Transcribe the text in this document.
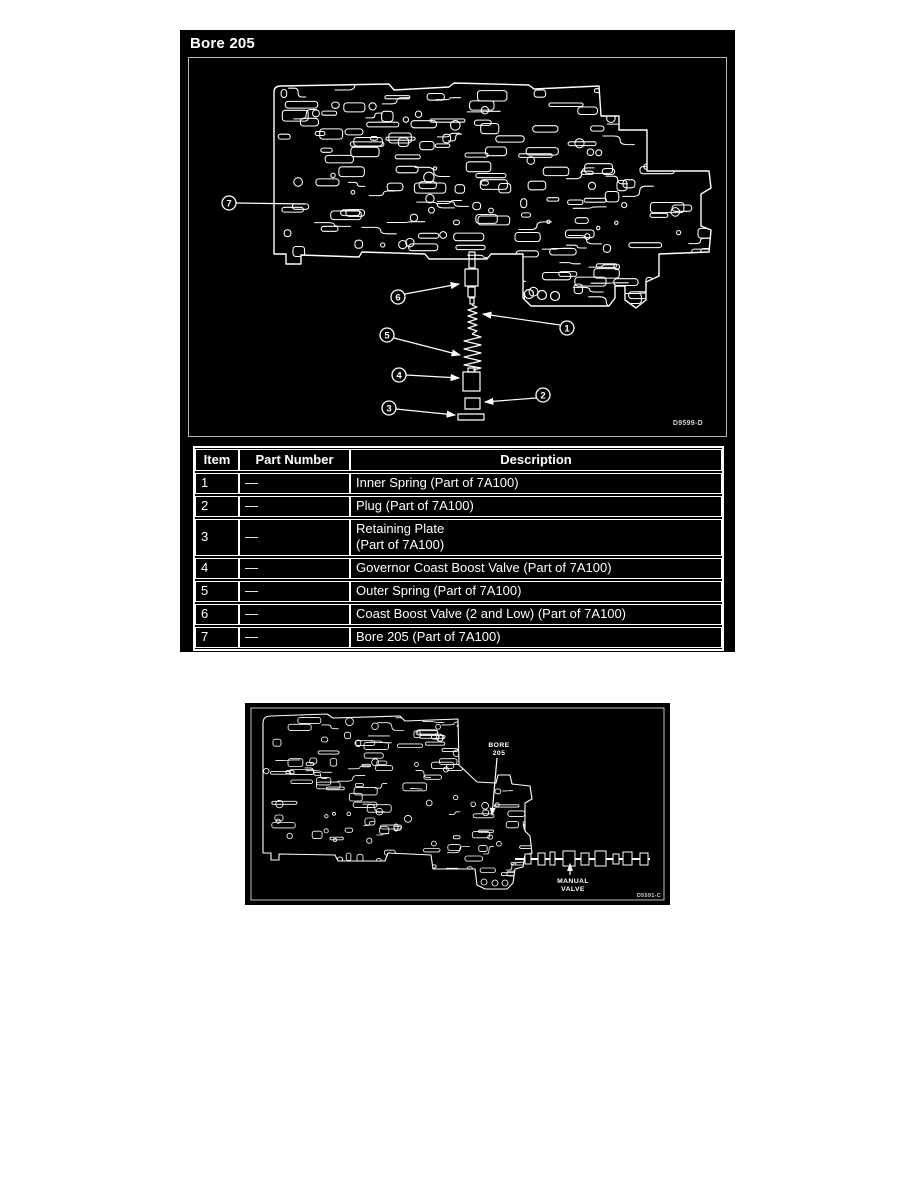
Bore 205
7
6
5
4
3
1
2
D9599-D
Item	Part Number	Description
1	—	Inner Spring (Part of 7A100)
2	—	Plug (Part of 7A100)
3	—
Retaining Plate
(Part of 7A100)
4	—	Governor Coast Boost Valve (Part of 7A100)
5	—	Outer Spring (Part of 7A100)
6	—	Coast Boost Valve (2 and Low) (Part of 7A100)
7	—	Bore 205 (Part of 7A100)
BORE
205
MANUAL
VALVE
D5591-C
